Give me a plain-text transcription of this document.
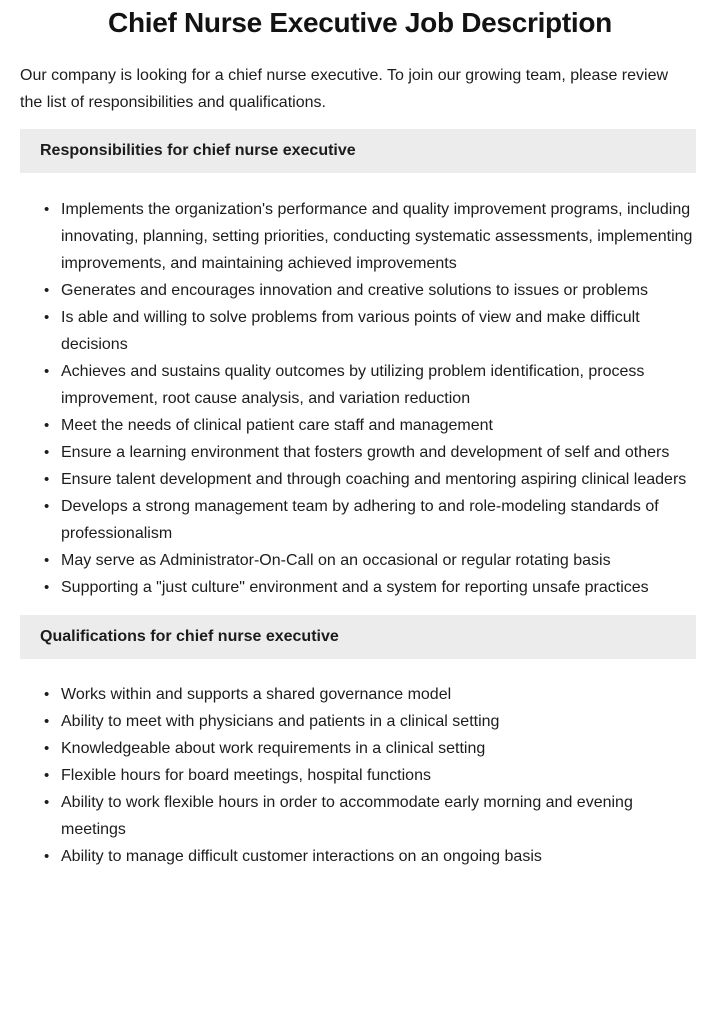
Chief Nurse Executive Job Description

Our company is looking for a chief nurse executive. To join our growing team, please review the list of responsibilities and qualifications.

Responsibilities for chief nurse executive
• Implements the organization's performance and quality improvement programs, including innovating, planning, setting priorities, conducting systematic assessments, implementing improvements, and maintaining achieved improvements
• Generates and encourages innovation and creative solutions to issues or problems
• Is able and willing to solve problems from various points of view and make difficult decisions
• Achieves and sustains quality outcomes by utilizing problem identification, process improvement, root cause analysis, and variation reduction
• Meet the needs of clinical patient care staff and management
• Ensure a learning environment that fosters growth and development of self and others
• Ensure talent development and through coaching and mentoring aspiring clinical leaders
• Develops a strong management team by adhering to and role-modeling standards of professionalism
• May serve as Administrator-On-Call on an occasional or regular rotating basis
• Supporting a "just culture" environment and a system for reporting unsafe practices
Qualifications for chief nurse executive
• Works within and supports a shared governance model
• Ability to meet with physicians and patients in a clinical setting
• Knowledgeable about work requirements in a clinical setting
• Flexible hours for board meetings, hospital functions
• Ability to work flexible hours in order to accommodate early morning and evening meetings
• Ability to manage difficult customer interactions on an ongoing basis
